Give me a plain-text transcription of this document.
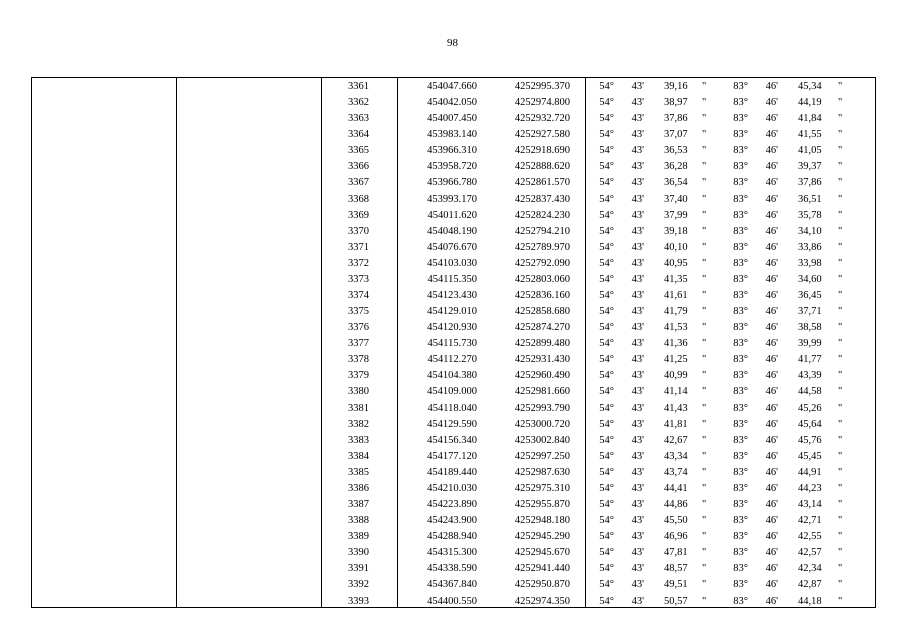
98
3361	454047.660	4252995.370	54° 43' 39,16	"	83° 46' 45,34	"
3362	454042.050	4252974.800	54° 43' 38,97	"	83° 46' 44,19	"
3363	454007.450	4252932.720	54° 43' 37,86	"	83° 46' 41,84	"
3364	453983.140	4252927.580	54° 43' 37,07	"	83° 46' 41,55	"
3365	453966.310	4252918.690	54° 43' 36,53	"	83° 46' 41,05	"
3366	453958.720	4252888.620	54° 43' 36,28	"	83° 46' 39,37	"
3367	453966.780	4252861.570	54° 43' 36,54	"	83° 46' 37,86	"
3368	453993.170	4252837.430	54° 43' 37,40	"	83° 46' 36,51	"
3369	454011.620	4252824.230	54° 43' 37,99	"	83° 46' 35,78	"
3370	454048.190	4252794.210	54° 43' 39,18	"	83° 46' 34,10	"
3371	454076.670	4252789.970	54° 43' 40,10	"	83° 46' 33,86	"
3372	454103.030	4252792.090	54° 43' 40,95	"	83° 46' 33,98	"
3373	454115.350	4252803.060	54° 43' 41,35	"	83° 46' 34,60	"
3374	454123.430	4252836.160	54° 43' 41,61	"	83° 46' 36,45	"
3375	454129.010	4252858.680	54° 43' 41,79	"	83° 46' 37,71	"
3376	454120.930	4252874.270	54° 43' 41,53	"	83° 46' 38,58	"
3377	454115.730	4252899.480	54° 43' 41,36	"	83° 46' 39,99	"
3378	454112.270	4252931.430	54° 43' 41,25	"	83° 46' 41,77	"
3379	454104.380	4252960.490	54° 43' 40,99	"	83° 46' 43,39	"
3380	454109.000	4252981.660	54° 43' 41,14	"	83° 46' 44,58	"
3381	454118.040	4252993.790	54° 43' 41,43	"	83° 46' 45,26	"
3382	454129.590	4253000.720	54° 43' 41,81	"	83° 46' 45,64	"
3383	454156.340	4253002.840	54° 43' 42,67	"	83° 46' 45,76	"
3384	454177.120	4252997.250	54° 43' 43,34	"	83° 46' 45,45	"
3385	454189.440	4252987.630	54° 43' 43,74	"	83° 46' 44,91	"
3386	454210.030	4252975.310	54° 43' 44,41	"	83° 46' 44,23	"
3387	454223.890	4252955.870	54° 43' 44,86	"	83° 46' 43,14	"
3388	454243.900	4252948.180	54° 43' 45,50	"	83° 46' 42,71	"
3389	454288.940	4252945.290	54° 43' 46,96	"	83° 46' 42,55	"
3390	454315.300	4252945.670	54° 43' 47,81	"	83° 46' 42,57	"
3391	454338.590	4252941.440	54° 43' 48,57	"	83° 46' 42,34	"
3392	454367.840	4252950.870	54° 43' 49,51	"	83° 46' 42,87	"
3393	454400.550	4252974.350	54° 43' 50,57	"	83° 46' 44,18	"
